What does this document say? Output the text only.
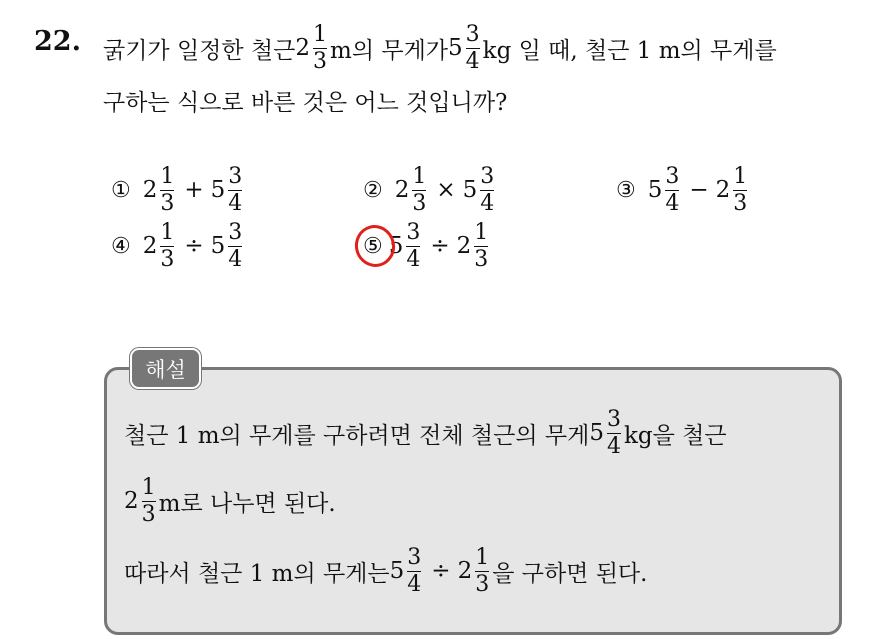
22. 굵기가 일정한 철근 $2 \frac{1}{3}$ m의 무게가 $5 \frac{3}{4}$ kg 일 때, 철근 1 m의 무게를
구하는 식으로 바른 것은 어느 것입니까?
① $2 \frac{1}{3} + 5 \frac{3}{4}$	② $2 \frac{1}{3} \times 5 \frac{3}{4}$	③ $5 \frac{3}{4} - 2 \frac{1}{3}$
④ $2 \frac{1}{3} \div 5 \frac{3}{4}$	⑤ $5 \frac{3}{4} \div 2 \frac{1}{3}$
해설
철근 1 m의 무게를 구하려면 전체 철근의 무게 $5 \frac{3}{4}$ kg을 철근
$2 \frac{1}{3}$ m로 나누면 된다.
따라서 철근 1 m의 무게는 $5 \frac{3}{4} \div 2 \frac{1}{3}$ 을 구하면 된다.
